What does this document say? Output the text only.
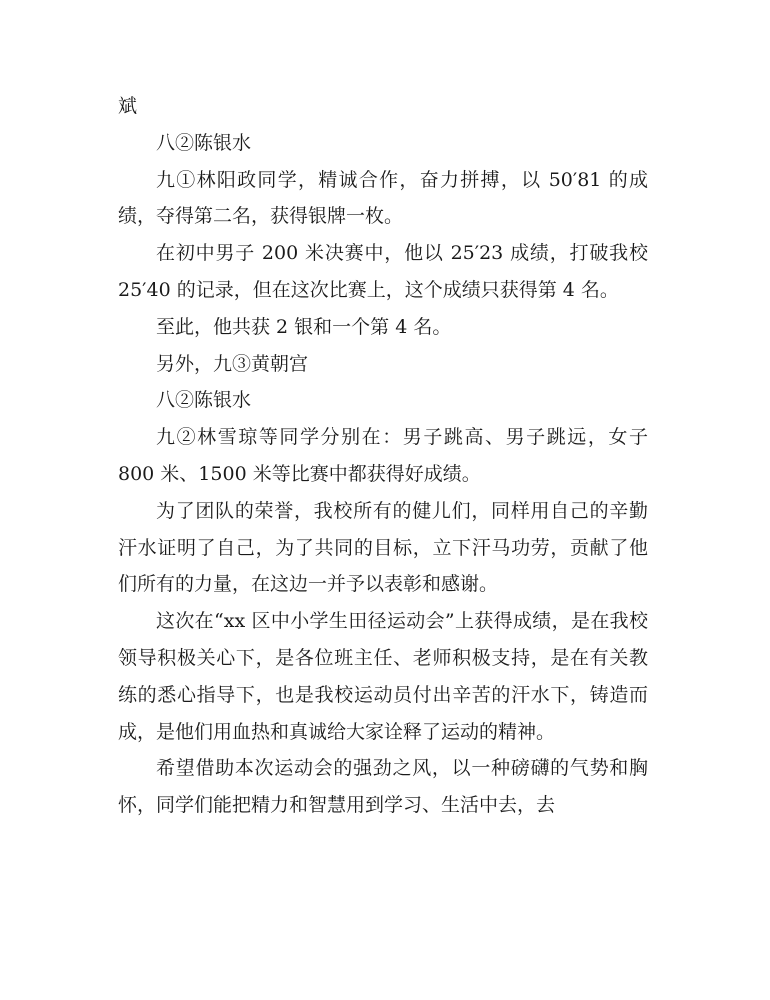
斌

八②陈银水

九①林阳政同学，精诚合作，奋力拼搏，以 50′81 的成绩，夺得第二名，获得银牌一枚。

在初中男子 200 米决赛中，他以 25′23 成绩，打破我校 25′40 的记录，但在这次比赛上，这个成绩只获得第 4 名。

至此，他共获 2 银和一个第 4 名。

另外，九③黄朝宫

八②陈银水

九②林雪琼等同学分别在：男子跳高、男子跳远，女子 800 米、1500 米等比赛中都获得好成绩。

为了团队的荣誉，我校所有的健儿们，同样用自己的辛勤汗水证明了自己，为了共同的目标，立下汗马功劳，贡献了他们所有的力量，在这边一并予以表彰和感谢。

这次在“xx 区中小学生田径运动会”上获得成绩，是在我校领导积极关心下，是各位班主任、老师积极支持，是在有关教练的悉心指导下，也是我校运动员付出辛苦的汗水下，铸造而成，是他们用血热和真诚给大家诠释了运动的精神。

希望借助本次运动会的强劲之风，以一种磅礴的气势和胸怀，同学们能把精力和智慧用到学习、生活中去，去
